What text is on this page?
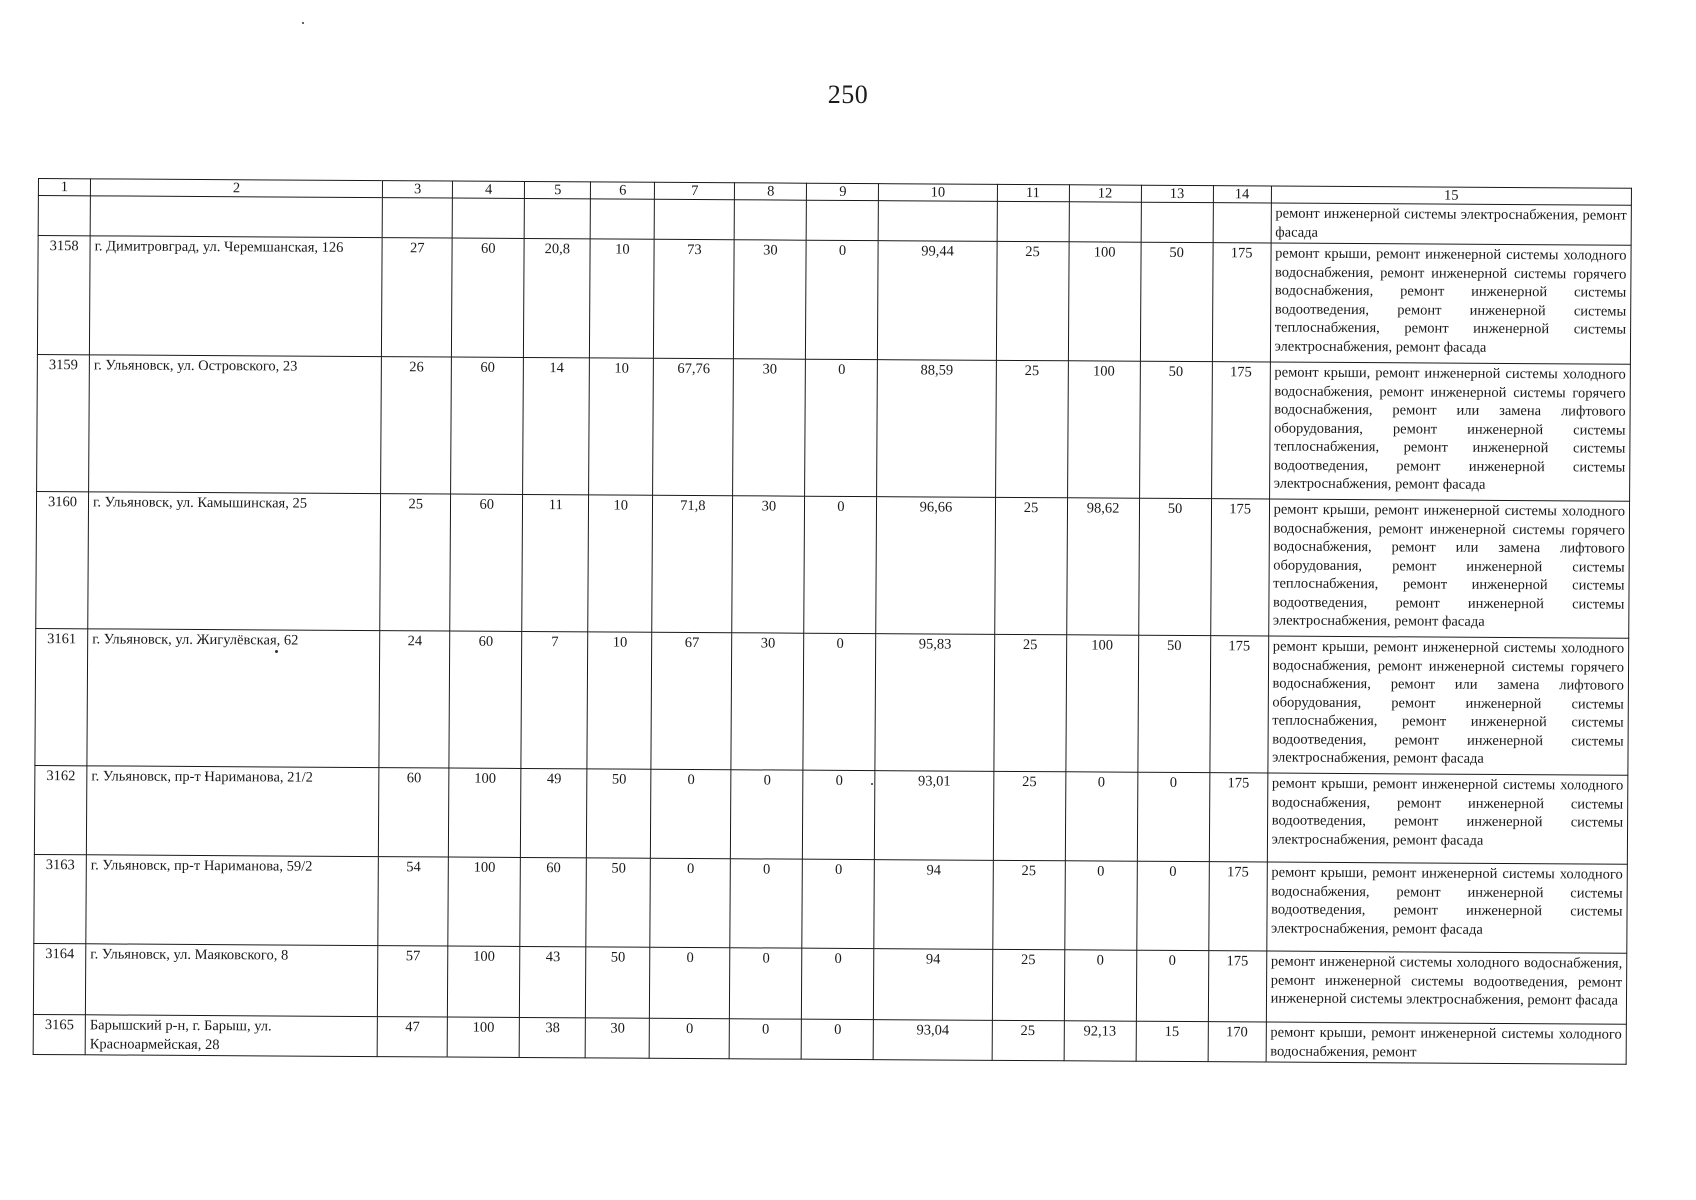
250
1	2	3	4	5	6	7	8	9	10	11	12	13	14	15
														ремонт инженерной системы электроснабжения, ремонт фасада
3158	г. Димитровград, ул. Черемшанская, 126	27	60	20,8	10	73	30	0	99,44	25	100	50	175	ремонт крыши, ремонт инженерной системы холодного водоснабжения, ремонт инженерной системы горячего водоснабжения, ремонт инженерной системы водоотведения, ремонт инженерной системы теплоснабжения, ремонт инженерной системы электроснабжения, ремонт фасада
3159	г. Ульяновск, ул. Островского, 23	26	60	14	10	67,76	30	0	88,59	25	100	50	175	ремонт крыши, ремонт инженерной системы холодного водоснабжения, ремонт инженерной системы горячего водоснабжения, ремонт или замена лифтового оборудования, ремонт инженерной системы теплоснабжения, ремонт инженерной системы водоотведения, ремонт инженерной системы электроснабжения, ремонт фасада
3160	г. Ульяновск, ул. Камышинская, 25	25	60	11	10	71,8	30	0	96,66	25	98,62	50	175	ремонт крыши, ремонт инженерной системы холодного водоснабжения, ремонт инженерной системы горячего водоснабжения, ремонт или замена лифтового оборудования, ремонт инженерной системы теплоснабжения, ремонт инженерной системы водоотведения, ремонт инженерной системы электроснабжения, ремонт фасада
3161	г. Ульяновск, ул. Жигулёвская, 62	24	60	7	10	67	30	0	95,83	25	100	50	175	ремонт крыши, ремонт инженерной системы холодного водоснабжения, ремонт инженерной системы горячего водоснабжения, ремонт или замена лифтового оборудования, ремонт инженерной системы теплоснабжения, ремонт инженерной системы водоотведения, ремонт инженерной системы электроснабжения, ремонт фасада
3162	г. Ульяновск, пр-т Нариманова, 21/2	60	100	49	50	0	0	0	93,01	25	0	0	175	ремонт крыши, ремонт инженерной системы холодного водоснабжения, ремонт инженерной системы водоотведения, ремонт инженерной системы электроснабжения, ремонт фасада
3163	г. Ульяновск, пр-т Нариманова, 59/2	54	100	60	50	0	0	0	94	25	0	0	175	ремонт крыши, ремонт инженерной системы холодного водоснабжения, ремонт инженерной системы водоотведения, ремонт инженерной системы электроснабжения, ремонт фасада
3164	г. Ульяновск, ул. Маяковского, 8	57	100	43	50	0	0	0	94	25	0	0	175	ремонт инженерной системы холодного водоснабжения, ремонт инженерной системы водоотведения, ремонт инженерной системы электроснабжения, ремонт фасада
3165	Барышский р-н, г. Барыш, ул. Красноармейская, 28	47	100	38	30	0	0	0	93,04	25	92,13	15	170	ремонт крыши, ремонт инженерной системы холодного водоснабжения, ремонт
